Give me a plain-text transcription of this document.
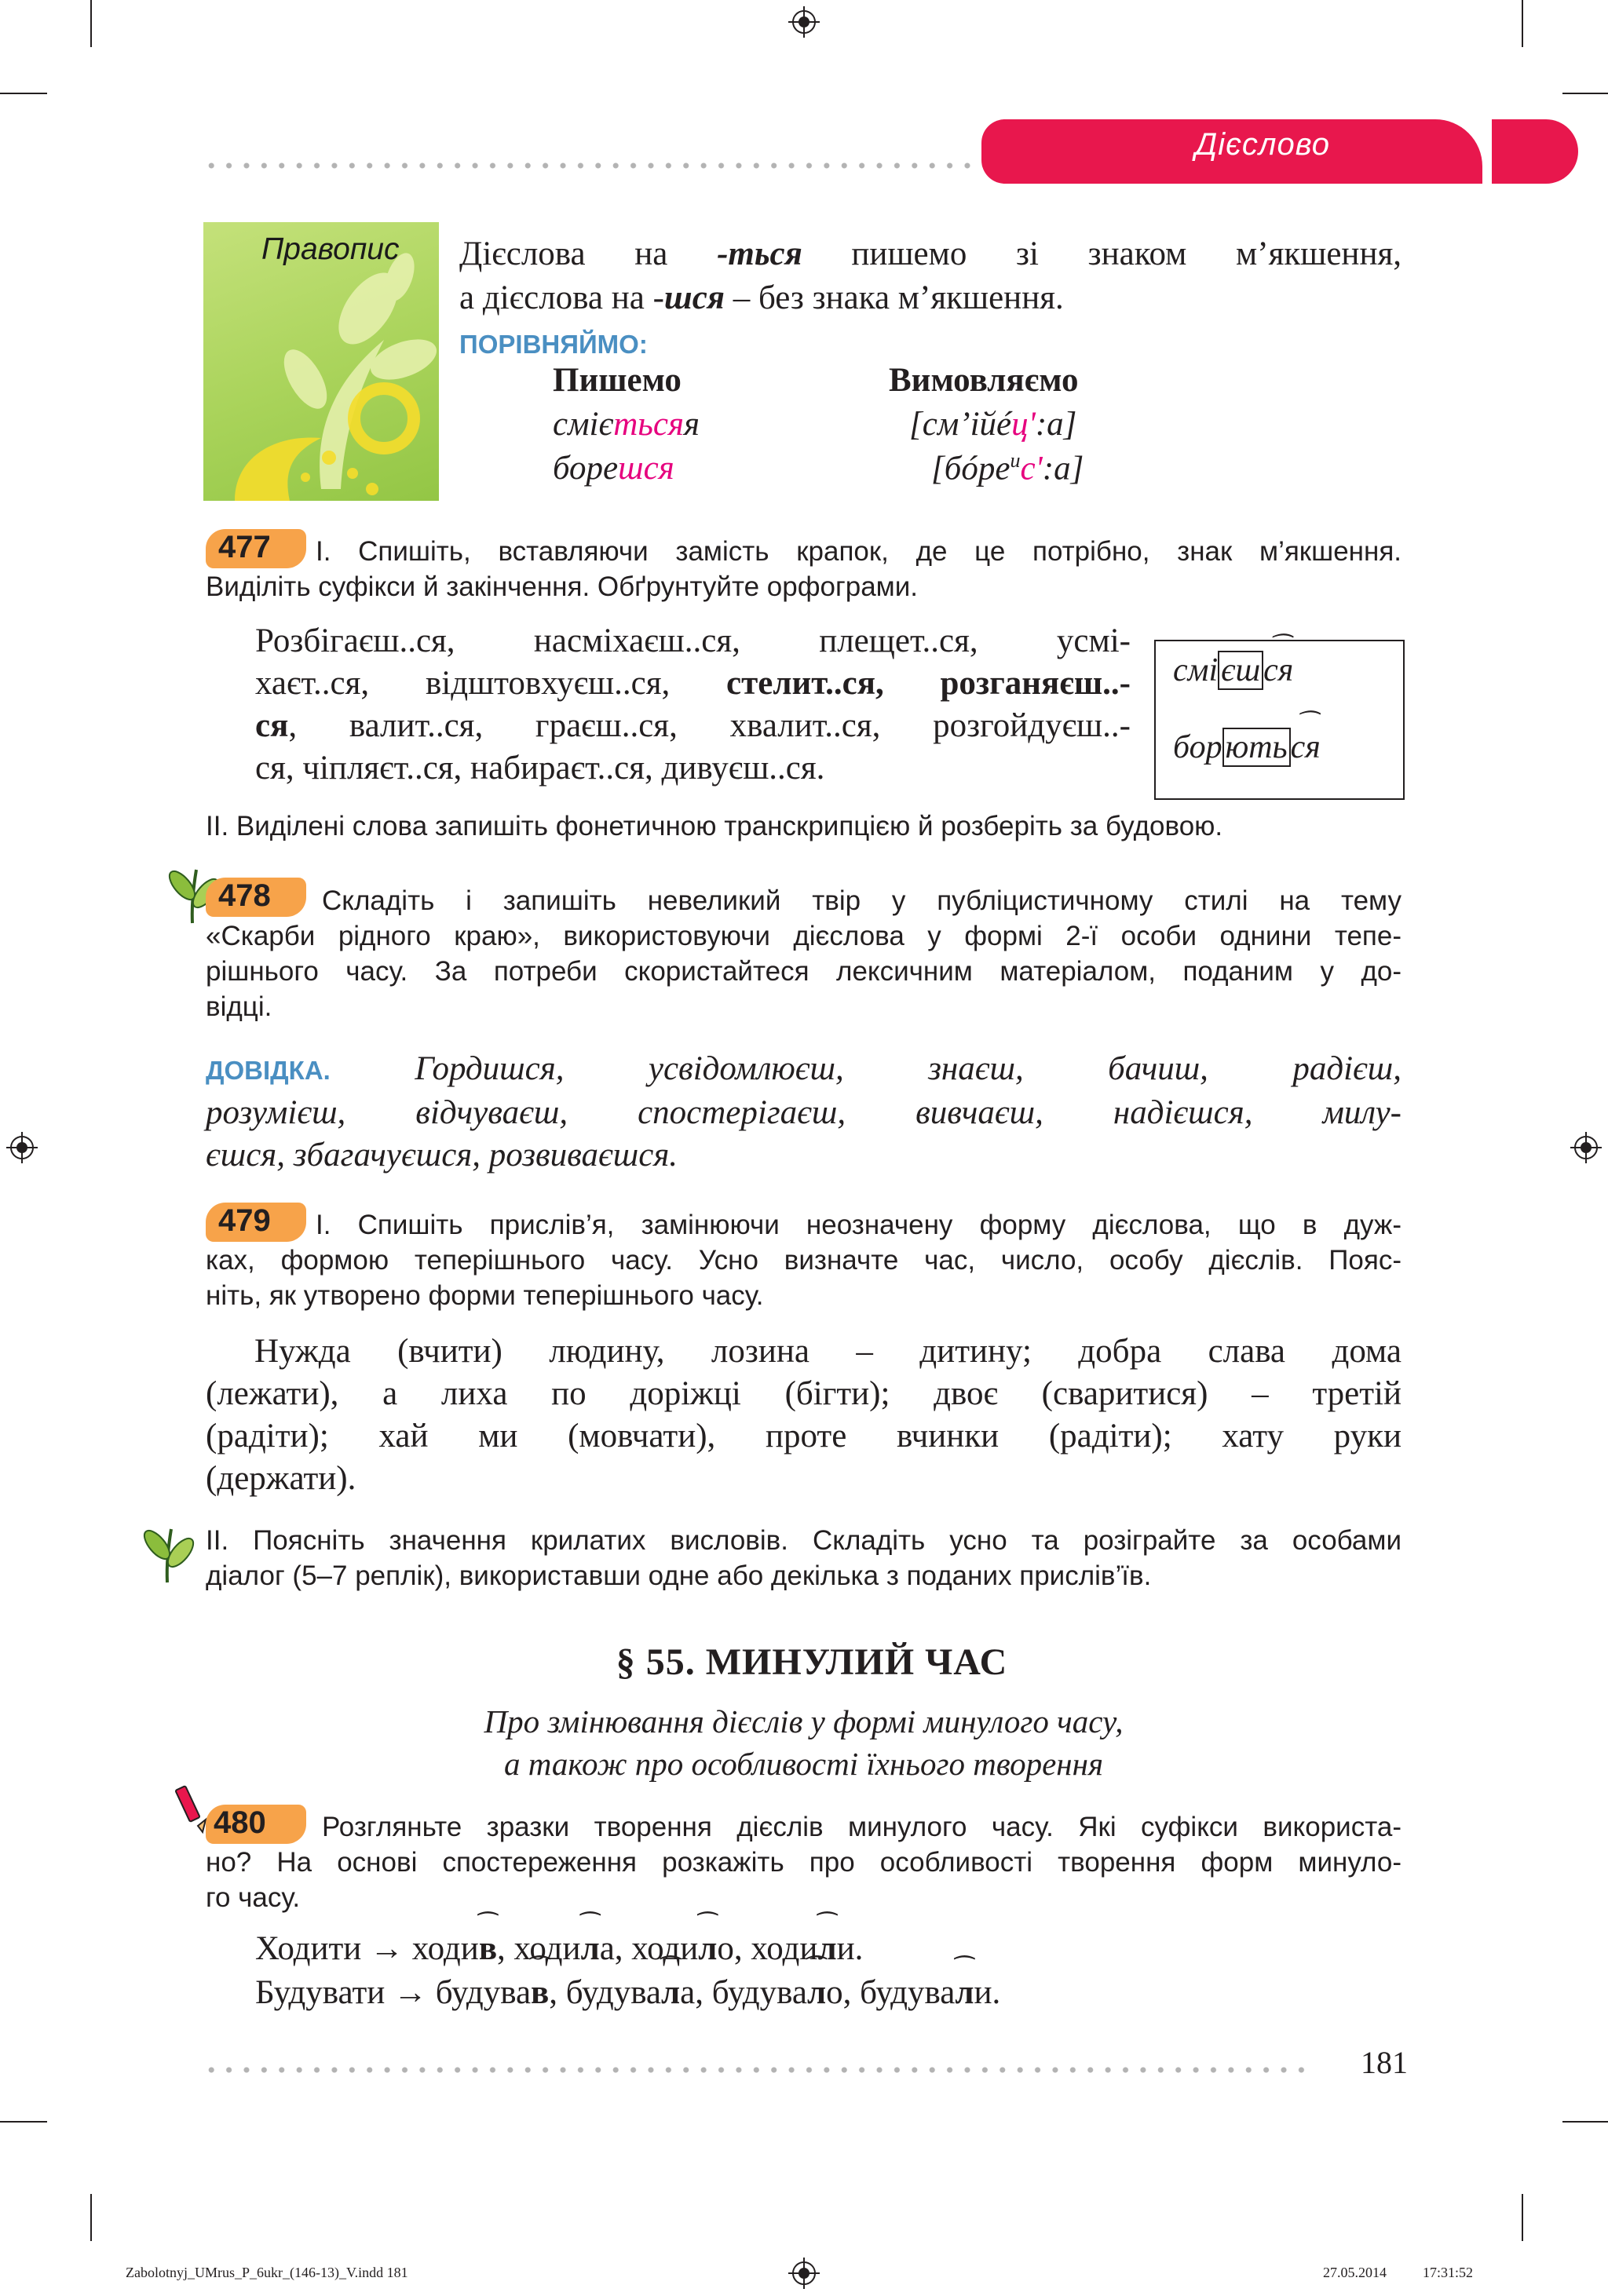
Дієслово
Правопис Дієслова на -ться пишемо зі знаком м’якшення,
а дієслова на -шся – без знака м’якшення.
ПОРІВНЯЙМО:
Пишемо	Вимовляємо
смієтьсяя	[см’ійéц':а]
борешся	[бóре$^и$с':а]
477	І. Спишіть, вставляючи замість крапок, де це потрібно, знак м’якшення.
Виділіть суфікси й закінчення. Обґрунтуйте орфограми.
Розбігаєш..ся, насміхаєш..ся, плещет..ся, усмі-
хаєт..ся, відштовхуєш..ся, стелит..ся, розганяєш..-
ся, валит..ся, граєш..ся, хвалит..ся, розгойдуєш..-
ся, чіпляєт..ся, набираєт..ся, дивуєш..ся.
смієшся ⁀
борються ⁀
ІІ. Виділені слова запишіть фонетичною транскрипцією й розберіть за будовою.
478	Складіть і запишіть невеликий твір у публіцистичному стилі на тему
«Скарби рідного краю», використовуючи дієслова у формі 2-ї особи однини тепе-
рішнього часу. За потреби скористайтеся лексичним матеріалом, поданим у до-
відці.
ДОВІДКА. Гордишся, усвідомлюєш, знаєш, бачиш, радієш,
розумієш, відчуваєш, спостерігаєш, вивчаєш, надієшся, милу-
єшся, збагачуєшся, розвиваєшся.
479	І. Спишіть прислів’я, замінюючи неозначену форму дієслова, що в дуж-
ках, формою теперішнього часу. Усно визначте час, число, особу дієслів. Пояс-
ніть, як утворено форми теперішнього часу.
Нужда (вчити) людину, лозина – дитину; добра слава дома
(лежати), а лиха по доріжці (бігти); двоє (сваритися) – третій
(радіти); хай ми (мовчати), проте вчинки (радіти); хату руки
(держати).
ІІ. Поясніть значення крилатих висловів. Складіть усно та розіграйте за особами
діалог (5–7 реплік), використавши одне або декілька з поданих прислів’їв.
§ 55. МИНУЛИЙ ЧАС
Про змінювання дієслів у формі минулого часу,
а також про особливості їхнього творення
480	Розгляньте зразки творення дієслів минулого часу. Які суфікси використа-
но? На основі спостереження розкажіть про особливості творення форм минуло-
го часу.
Ходити → ходив ⁀, ходил ⁀а, ходил ⁀о, ходил ⁀и.
Будувати → будував ⁀, будувал ⁀а, будувал ⁀о, будувал ⁀и.
181
Zabolotnyj_UMrus_P_6ukr_(146-13)_V.indd 181	27.05.2014	17:31:52
